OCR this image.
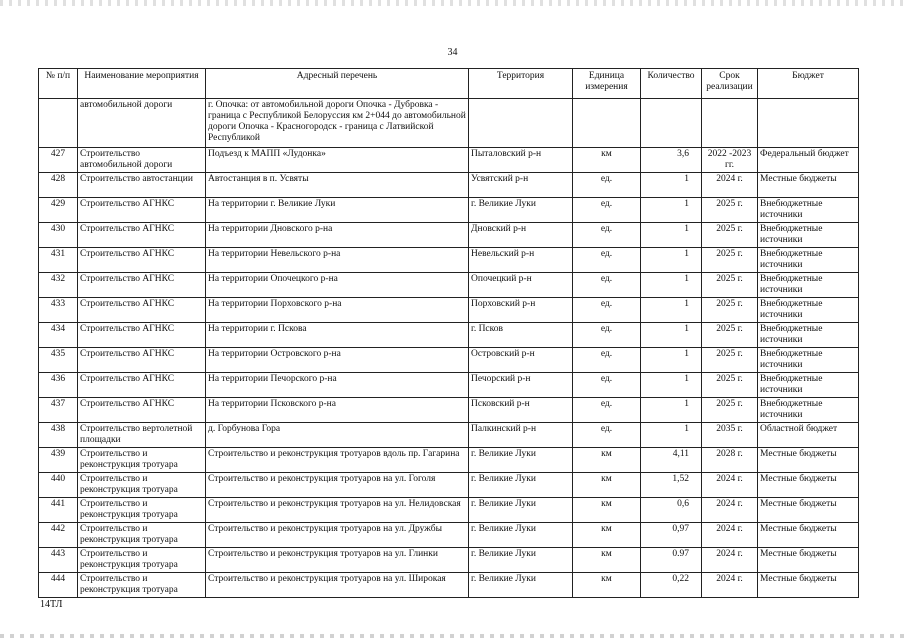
34
№ п/п	Наименование мероприятия	Адресный перечень	Территория	Единица измерения	Количество	Срок реализации	Бюджет
	автомобильной дороги	г. Опочка: от автомобильной дороги Опочка - Дубровка - граница с Республикой Белоруссия км 2+044 до автомобильной дороги Опочка - Красногородск - граница с Латвийской Республикой					
427	Строительство автомобильной дороги	Подъезд к МАПП «Лудонка»	Пыталовский р-н	км	3,6	2022 -2023 гг.	Федеральный бюджет
428	Строительство автостанции	Автостанция в п. Усвяты	Усвятский р-н	ед.	1	2024 г.	Местные бюджеты
429	Строительство АГНКС	На территории г. Великие Луки	г. Великие Луки	ед.	1	2025 г.	Внебюджетные источники
430	Строительство АГНКС	На территории Дновского р-на	Дновский р-н	ед.	1	2025 г.	Внебюджетные источники
431	Строительство АГНКС	На территории Невельского р-на	Невельский р-н	ед.	1	2025 г.	Внебюджетные источники
432	Строительство АГНКС	На территории Опочецкого р-на	Опочецкий р-н	ед.	1	2025 г.	Внебюджетные источники
433	Строительство АГНКС	На территории Порховского р-на	Порховский р-н	ед.	1	2025 г.	Внебюджетные источники
434	Строительство АГНКС	На территории г. Пскова	г. Псков	ед.	1	2025 г.	Внебюджетные источники
435	Строительство АГНКС	На территории Островского р-на	Островский р-н	ед.	1	2025 г.	Внебюджетные источники
436	Строительство АГНКС	На территории Печорского р-на	Печорский р-н	ед.	1	2025 г.	Внебюджетные источники
437	Строительство АГНКС	На территории Псковского р-на	Псковский р-н	ед.	1	2025 г.	Внебюджетные источники
438	Строительство вертолетной площадки	д. Горбунова Гора	Палкинский р-н	ед.	1	2035 г.	Областной бюджет
439	Строительство и реконструкция тротуара	Строительство и реконструкция тротуаров вдоль пр. Гагарина	г. Великие Луки	км	4,11	2028 г.	Местные бюджеты
440	Строительство и реконструкция тротуара	Строительство и реконструкция тротуаров на ул. Гоголя	г. Великие Луки	км	1,52	2024 г.	Местные бюджеты
441	Строительство и реконструкция тротуара	Строительство и реконструкция тротуаров на ул. Нелидовская	г. Великие Луки	км	0,6	2024 г.	Местные бюджеты
442	Строительство и реконструкция тротуара	Строительство и реконструкция тротуаров на ул. Дружбы	г. Великие Луки	км	0,97	2024 г.	Местные бюджеты
443	Строительство и реконструкция тротуара	Строительство и реконструкция тротуаров на ул. Глинки	г. Великие Луки	км	0.97	2024 г.	Местные бюджеты
444	Строительство и реконструкция тротуара	Строительство и реконструкция тротуаров на ул. Широкая	г. Великие Луки	км	0,22	2024 г.	Местные бюджеты
14ТЛ
